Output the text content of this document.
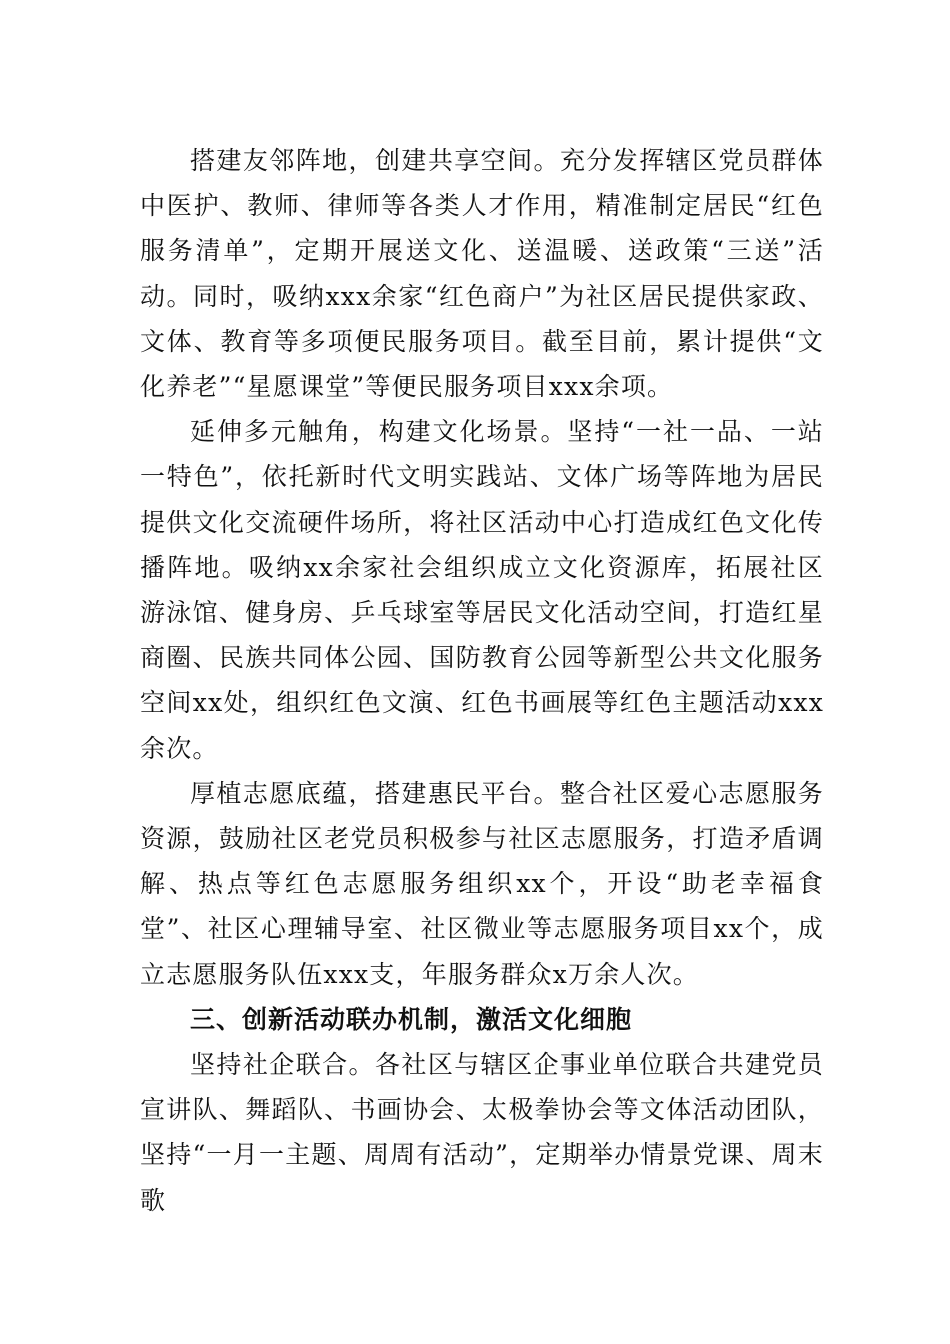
搭建友邻阵地，创建共享空间。充分发挥辖区党员群体中医护、教师、律师等各类人才作用，精准制定居民“红色服务清单”，定期开展送文化、送温暖、送政策“三送”活动。同时，吸纳xxx余家“红色商户”为社区居民提供家政、文体、教育等多项便民服务项目。截至目前，累计提供“文化养老”“星愿课堂”等便民服务项目xxx余项。

延伸多元触角，构建文化场景。坚持“一社一品、一站一特色”，依托新时代文明实践站、文体广场等阵地为居民提供文化交流硬件场所，将社区活动中心打造成红色文化传播阵地。吸纳xx余家社会组织成立文化资源库，拓展社区游泳馆、健身房、乒乓球室等居民文化活动空间，打造红星商圈、民族共同体公园、国防教育公园等新型公共文化服务空间xx处，组织红色文演、红色书画展等红色主题活动xxx余次。

厚植志愿底蕴，搭建惠民平台。整合社区爱心志愿服务资源，鼓励社区老党员积极参与社区志愿服务，打造矛盾调解、热点等红色志愿服务组织xx个，开设“助老幸福食堂”、社区心理辅导室、社区微业等志愿服务项目xx个，成立志愿服务队伍xxx支，年服务群众x万余人次。

三、创新活动联办机制，激活文化细胞

坚持社企联合。各社区与辖区企事业单位联合共建党员宣讲队、舞蹈队、书画协会、太极拳协会等文体活动团队，坚持“一月一主题、周周有活动”，定期举办情景党课、周末歌
